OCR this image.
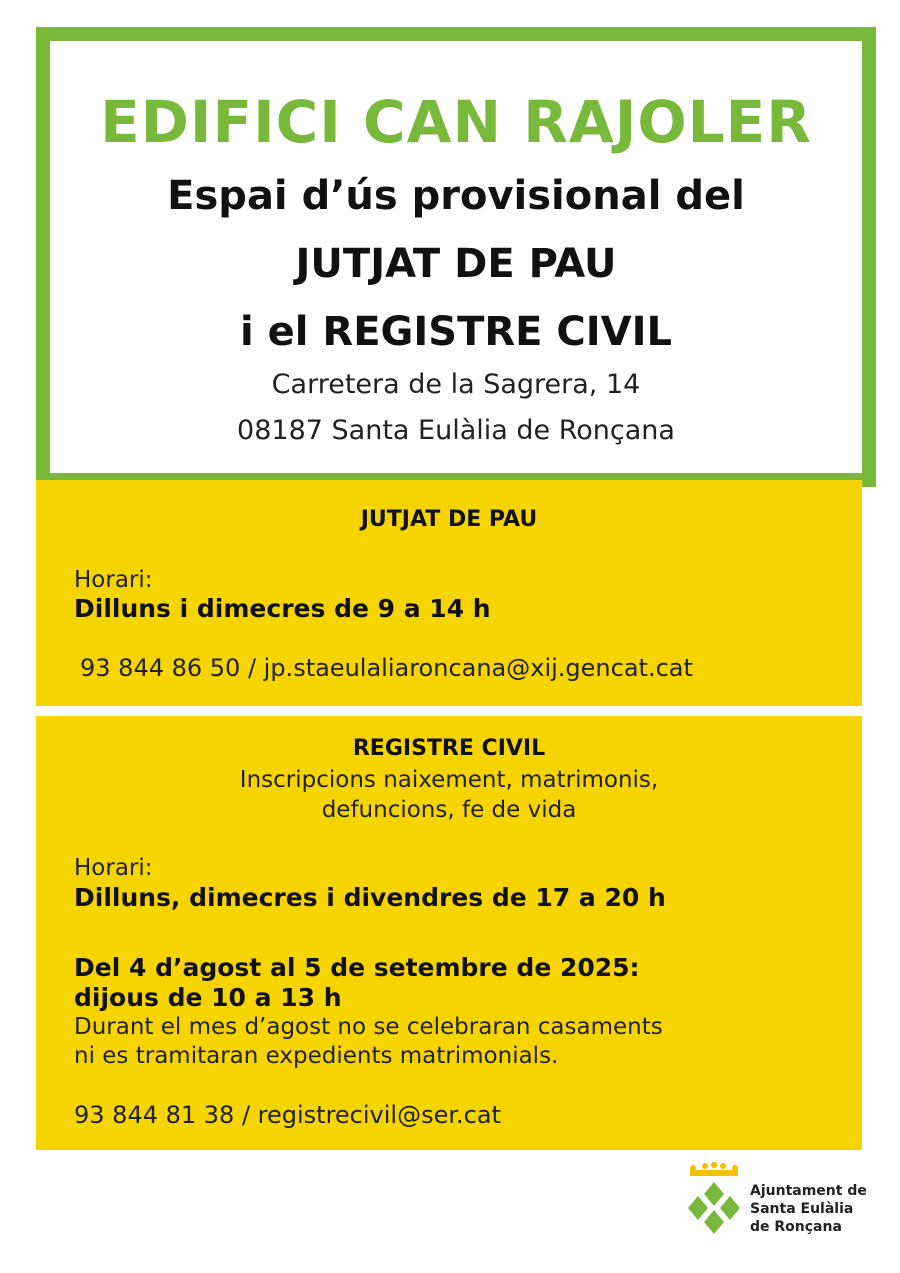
EDIFICI CAN RAJOLER
Espai d’ús provisional del
JUTJAT DE PAU
i el REGISTRE CIVIL
Carretera de la Sagrera, 14
08187 Santa Eulàlia de Ronçana
JUTJAT DE PAU
Horari:
Dilluns i dimecres de 9 a 14 h
93 844 86 50 / jp.staeulaliaroncana@xij.gencat.cat
REGISTRE CIVIL
Inscripcions naixement, matrimonis,
defuncions, fe de vida
Horari:
Dilluns, dimecres i divendres de 17 a 20 h
Del 4 d’agost al 5 de setembre de 2025:
dijous de 10 a 13 h
Durant el mes d’agost no se celebraran casaments
ni es tramitaran expedients matrimonials.
93 844 81 38 / registrecivil@ser.cat
Ajuntament de
Santa Eulàlia
de Ronçana
